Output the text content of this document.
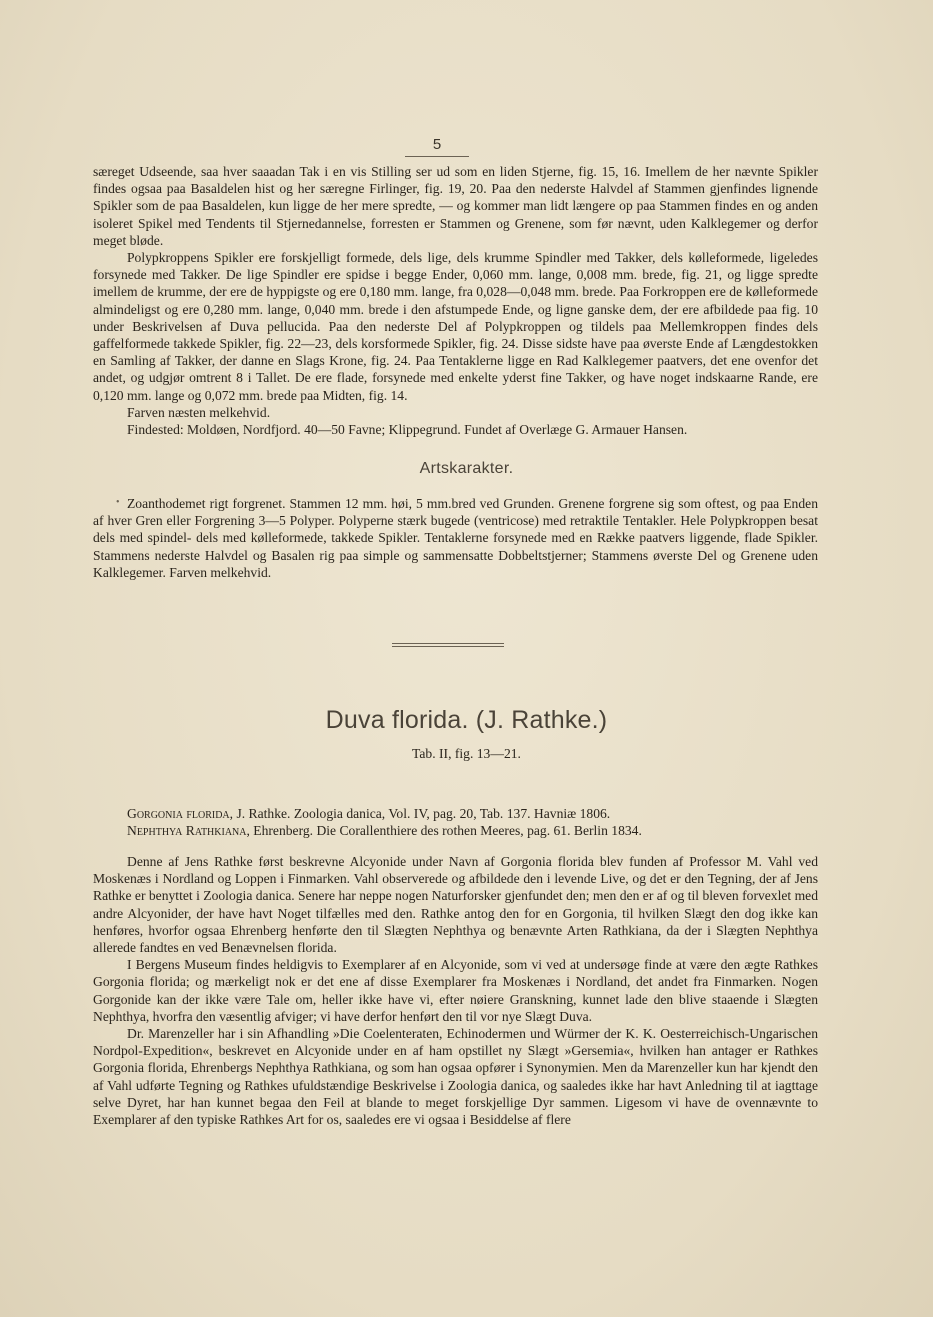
5

særeget Udseende, saa hver saaadan Tak i en vis Stilling ser ud som en liden Stjerne, fig. 15, 16. Imellem de her nævnte Spikler findes ogsaa paa Basaldelen hist og her særegne Firlinger, fig. 19, 20. Paa den nederste Halvdel af Stammen gjenfindes lignende Spikler som de paa Basaldelen, kun ligge de her mere spredte, — og kommer man lidt længere op paa Stammen findes en og anden isoleret Spikel med Tendents til Stjernedannelse, forresten er Stammen og Grenene, som før nævnt, uden Kalklegemer og derfor meget bløde.

Polypkroppens Spikler ere forskjelligt formede, dels lige, dels krumme Spindler med Takker, dels kølleformede, ligeledes forsynede med Takker. De lige Spindler ere spidse i begge Ender, 0,060 mm. lange, 0,008 mm. brede, fig. 21, og ligge spredte imellem de krumme, der ere de hyppigste og ere 0,180 mm. lange, fra 0,028—0,048 mm. brede. Paa Forkroppen ere de kølleformede almindeligst og ere 0,280 mm. lange, 0,040 mm. brede i den afstumpede Ende, og ligne ganske dem, der ere afbildede paa fig. 10 under Beskrivelsen af Duva pellucida. Paa den nederste Del af Polypkroppen og tildels paa Mellemkroppen findes dels gaffelformede takkede Spikler, fig. 22—23, dels korsformede Spikler, fig. 24. Disse sidste have paa øverste Ende af Længdestokken en Samling af Takker, der danne en Slags Krone, fig. 24. Paa Tentaklerne ligge en Rad Kalklegemer paatvers, det ene ovenfor det andet, og udgjør omtrent 8 i Tallet. De ere flade, forsynede med enkelte yderst fine Takker, og have noget indskaarne Rande, ere 0,120 mm. lange og 0,072 mm. brede paa Midten, fig. 14.

Farven næsten melkehvid.

Findested: Moldøen, Nordfjord. 40—50 Favne; Klippegrund. Fundet af Overlæge G. Armauer Hansen.

Artskarakter.
• Zoanthodemet rigt forgrenet. Stammen 12 mm. høi, 5 mm.bred ved Grunden. Grenene forgrene sig som oftest, og paa Enden af hver Gren eller Forgrening 3—5 Polyper. Polyperne stærk bugede (ventricose) med retraktile Tentakler. Hele Polypkroppen besat dels med spindel- dels med kølleformede, takkede Spikler. Tentaklerne forsynede med en Række paatvers liggende, flade Spikler. Stammens nederste Halvdel og Basalen rig paa simple og sammensatte Dobbeltstjerner; Stammens øverste Del og Grenene uden Kalklegemer. Farven melkehvid.

Duva florida. (J. Rathke.)
Tab. II, fig. 13—21.

Gorgonia florida, J. Rathke. Zoologia danica, Vol. IV, pag. 20, Tab. 137. Havniæ 1806.

Nephthya Rathkiana, Ehrenberg. Die Corallenthiere des rothen Meeres, pag. 61. Berlin 1834.

Denne af Jens Rathke først beskrevne Alcyonide under Navn af Gorgonia florida blev funden af Professor M. Vahl ved Moskenæs i Nordland og Loppen i Finmarken. Vahl observerede og afbildede den i levende Live, og det er den Tegning, der af Jens Rathke er benyttet i Zoologia danica. Senere har neppe nogen Naturforsker gjenfundet den; men den er af og til bleven forvexlet med andre Alcyonider, der have havt Noget tilfælles med den. Rathke antog den for en Gorgonia, til hvilken Slægt den dog ikke kan henføres, hvorfor ogsaa Ehrenberg henførte den til Slægten Nephthya og benævnte Arten Rathkiana, da der i Slægten Nephthya allerede fandtes en ved Benævnelsen florida.

I Bergens Museum findes heldigvis to Exemplarer af en Alcyonide, som vi ved at undersøge finde at være den ægte Rathkes Gorgonia florida; og mærkeligt nok er det ene af disse Exemplarer fra Moskenæs i Nordland, det andet fra Finmarken. Nogen Gorgonide kan der ikke være Tale om, heller ikke have vi, efter nøiere Granskning, kunnet lade den blive staaende i Slægten Nephthya, hvorfra den væsentlig afviger; vi have derfor henført den til vor nye Slægt Duva.

Dr. Marenzeller har i sin Afhandling »Die Coelenteraten, Echinodermen und Würmer der K. K. Oesterreichisch-Ungarischen Nordpol-Expedition«, beskrevet en Alcyonide under en af ham opstillet ny Slægt »Gersemia«, hvilken han antager er Rathkes Gorgonia florida, Ehrenbergs Nephthya Rathkiana, og som han ogsaa opfører i Synonymien. Men da Marenzeller kun har kjendt den af Vahl udførte Tegning og Rathkes ufuldstændige Beskrivelse i Zoologia danica, og saaledes ikke har havt Anledning til at iagttage selve Dyret, har han kunnet begaa den Feil at blande to meget forskjellige Dyr sammen. Ligesom vi have de ovennævnte to Exemplarer af den typiske Rathkes Art for os, saaledes ere vi ogsaa i Besiddelse af flere
